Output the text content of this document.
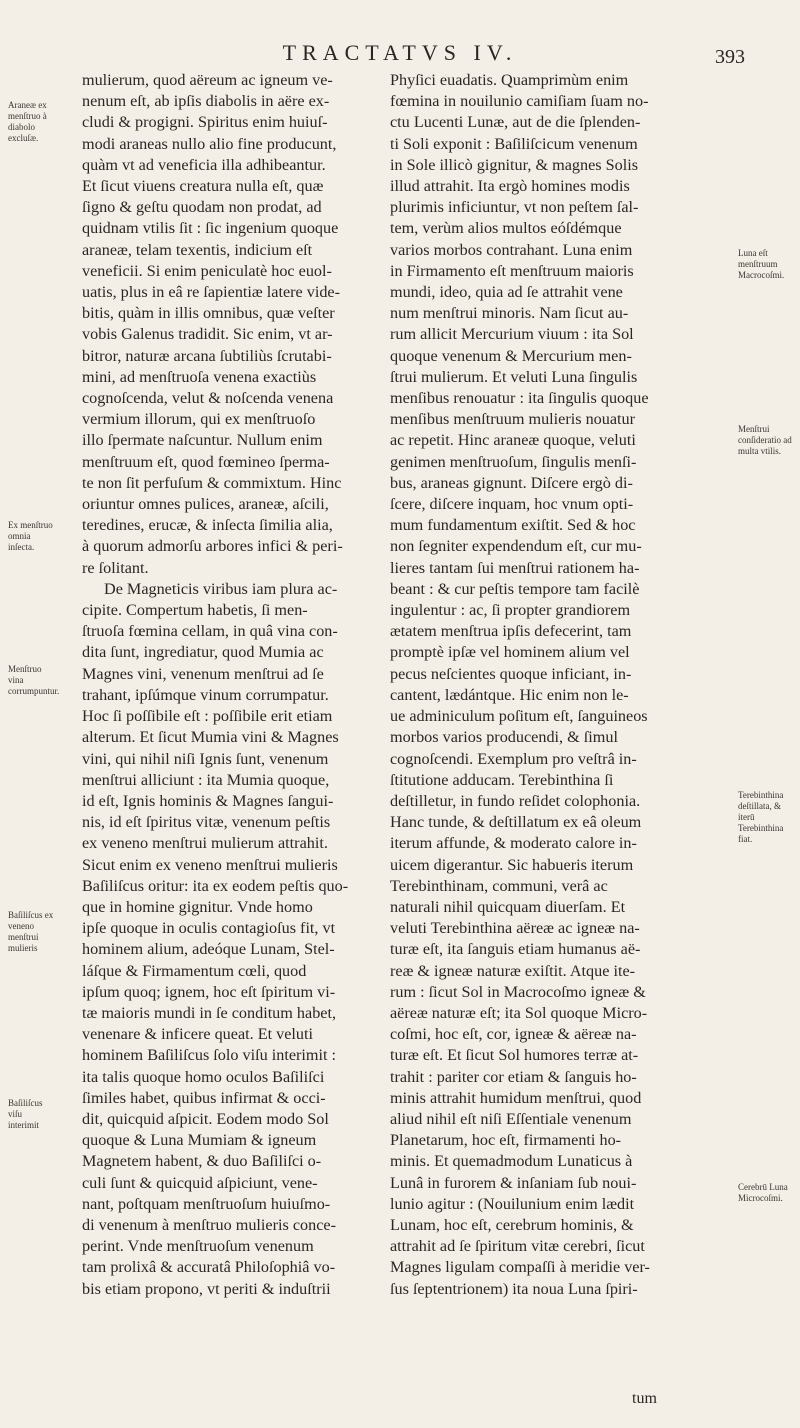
TRACTATVS IV.	393
mulierum, quod aëreum ac igneum ve-
nenum eſt, ab ipſis diabolis in aëre ex-
cludi & progigni. Spiritus enim huiuſ-
modi araneas nullo alio fine producunt,
quàm vt ad veneficia illa adhibeantur.
Et ſicut viuens creatura nulla eſt, quæ
ſigno & geſtu quodam non prodat, ad
quidnam vtilis ſit : ſic ingenium quoque
araneæ, telam texentis, indicium eſt
veneficii. Si enim peniculatè hoc euol-
uatis, plus in eâ re ſapientiæ latere vide-
bitis, quàm in illis omnibus, quæ veſter
vobis Galenus tradidit. Sic enim, vt ar-
bitror, naturæ arcana ſubtiliùs ſcrutabi-
mini, ad menſtruoſa venena exactiùs
cognoſcenda, velut & noſcenda venena
vermium illorum, qui ex menſtruoſo
illo ſpermate naſcuntur. Nullum enim
menſtruum eſt, quod fœmineo ſperma-
te non ſit perfuſum & commixtum. Hinc
oriuntur omnes pulices, araneæ, aſcili,
teredines, erucæ, & inſecta ſimilia alia,
à quorum admorſu arbores infici & peri-
re ſolitant.
De Magneticis viribus iam plura ac-
cipite. Compertum habetis, ſi men-
ſtruoſa fœmina cellam, in quâ vina con-
dita ſunt, ingrediatur, quod Mumia ac
Magnes vini, venenum menſtrui ad ſe
trahant, ipſúmque vinum corrumpatur.
Hoc ſi poſſibile eſt : poſſibile erit etiam
alterum. Et ſicut Mumia vini & Magnes
vini, qui nihil niſi Ignis ſunt, venenum
menſtrui alliciunt : ita Mumia quoque,
id eſt, Ignis hominis & Magnes ſangui-
nis, id eſt ſpiritus vitæ, venenum peſtis
ex veneno menſtrui mulierum attrahit.
Sicut enim ex veneno menſtrui mulieris
Baſiliſcus oritur: ita ex eodem peſtis quo-
que in homine gignitur. Vnde homo
ipſe quoque in oculis contagioſus fit, vt
hominem alium, adeóque Lunam, Stel-
láſque & Firmamentum cœli, quod
ipſum quoq; ignem, hoc eſt ſpiritum vi-
tæ maioris mundi in ſe conditum habet,
venenare & inficere queat. Et veluti
hominem Baſiliſcus ſolo viſu interimit :
ita talis quoque homo oculos Baſiliſci
ſimiles habet, quibus infirmat & occi-
dit, quicquid aſpicit. Eodem modo Sol
quoque & Luna Mumiam & igneum
Magnetem habent, & duo Baſiliſci o-
culi ſunt & quicquid aſpiciunt, vene-
nant, poſtquam menſtruoſum huiuſmo-
di venenum à menſtruo mulieris conce-
perint. Vnde menſtruoſum venenum
tam prolixâ & accuratâ Philoſophiâ vo-
bis etiam propono, vt periti & induſtrii
Phyſici euadatis. Quamprimùm enim
fœmina in nouilunio camiſiam ſuam no-
ctu Lucenti Lunæ, aut de die ſplenden-
ti Soli exponit : Baſiliſcicum venenum
in Sole illicò gignitur, & magnes Solis
illud attrahit. Ita ergò homines modis
plurimis inficiuntur, vt non peſtem ſal-
tem, verùm alios multos eóſdémque
varios morbos contrahant. Luna enim
in Firmamento eſt menſtruum maioris
mundi, ideo, quia ad ſe attrahit vene
num menſtrui minoris. Nam ſicut au-
rum allicit Mercurium viuum : ita Sol
quoque venenum & Mercurium men-
ſtrui mulierum. Et veluti Luna ſingulis
menſibus renouatur : ita ſingulis quoque
menſibus menſtruum mulieris nouatur
ac repetit. Hinc araneæ quoque, veluti
genimen menſtruoſum, ſingulis menſi-
bus, araneas gignunt. Diſcere ergò di-
ſcere, diſcere inquam, hoc vnum opti-
mum fundamentum exiſtit. Sed & hoc
non ſegniter expendendum eſt, cur mu-
lieres tantam ſui menſtrui rationem ha-
beant : & cur peſtis tempore tam facilè
ingulentur : ac, ſi propter grandiorem
ætatem menſtrua ipſis defecerint, tam
promptè ipſæ vel hominem alium vel
pecus neſcientes quoque inficiant, in-
cantent, lædántque. Hic enim non le-
ue adminiculum poſitum eſt, ſanguineos
morbos varios producendi, & ſimul
cognoſcendi. Exemplum pro veſtrâ in-
ſtitutione adducam. Terebinthina ſi
deſtilletur, in fundo reſidet colophonia.
Hanc tunde, & deſtillatum ex eâ oleum
iterum affunde, & moderato calore in-
uicem digerantur. Sic habueris iterum
Terebinthinam, communi, verâ ac
naturali nihil quicquam diuerſam. Et
veluti Terebinthina aëreæ ac igneæ na-
turæ eſt, ita ſanguis etiam humanus aë-
reæ & igneæ naturæ exiſtit. Atque ite-
rum : ſicut Sol in Macrocoſmo igneæ &
aëreæ naturæ eſt; ita Sol quoque Micro-
coſmi, hoc eſt, cor, igneæ & aëreæ na-
turæ eſt. Et ſicut Sol humores terræ at-
trahit : pariter cor etiam & ſanguis ho-
minis attrahit humidum menſtrui, quod
aliud nihil eſt niſi Eſſentiale venenum
Planetarum, hoc eſt, firmamenti ho-
minis. Et quemadmodum Lunaticus à
Lunâ in furorem & inſaniam ſub noui-
lunio agitur : (Nouilunium enim lædit
Lunam, hoc eſt, cerebrum hominis, &
attrahit ad ſe ſpiritum vitæ cerebri, ſicut
Magnes ligulam compaſſi à meridie ver-
ſus ſeptentrionem) ita noua Luna ſpiri-
Araneæ ex menſtruo à diabolo excluſæ.
Ex menſtruo omnia inſecta.
Menſtruo vina corrumpuntur.
Baſiliſcus ex veneno menſtrui mulieris
Baſiliſcus viſu interimit
Luna eſt menſtruum Macrocoſmi.
Menſtrui conſideratio ad multa vtilis.
Terebinthina deſtillata, & iterū Terebinthina fiat.
Cerebrū Luna Microcoſmi.
tum
